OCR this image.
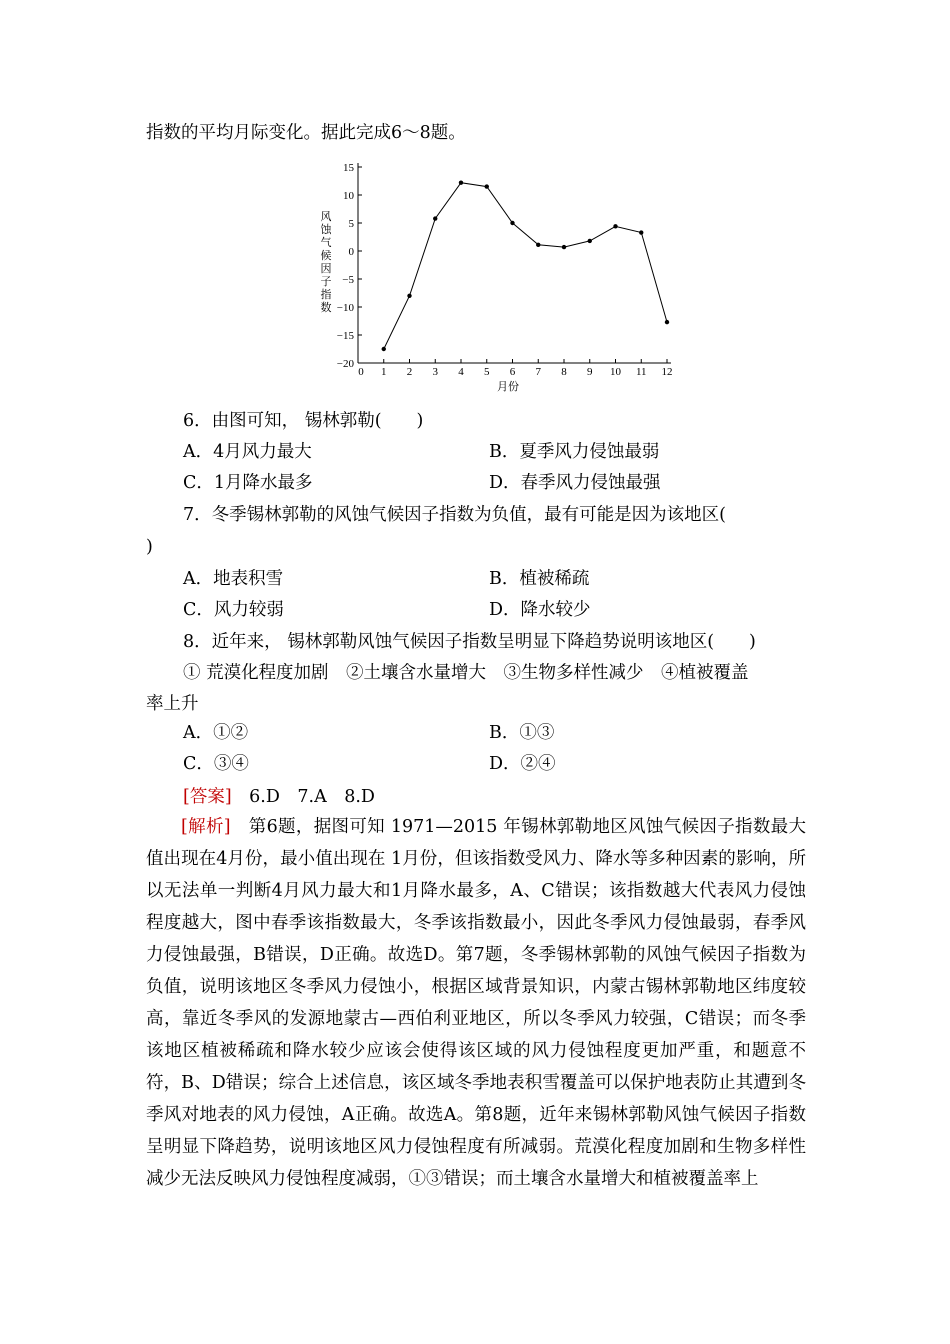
指数的平均月际变化。据此完成6～8题。
风
蚀
气
候
因
子
指
数
15
10
5
0
−5
−10
−15
−20
0 1 2 3 4 5 6 7 8 9 10 11 12
月份
6．由图可知， 锡林郭勒(　　)
A．4月风力最大	B．夏季风力侵蚀最弱
C．1月降水最多	D．春季风力侵蚀最强
7．冬季锡林郭勒的风蚀气候因子指数为负值，最有可能是因为该地区(
)
A．地表积雪	B．植被稀疏
C．风力较弱	D．降水较少
8．近年来， 锡林郭勒风蚀气候因子指数呈明显下降趋势说明该地区(　　)
① 荒漠化程度加剧　②土壤含水量增大　③生物多样性减少　④植被覆盖
率上升
A．①②	B．①③
C．③④	D．②④
[答案]　6.D　7.A　8.D
[解析]　第6题，据图可知 1971—2015 年锡林郭勒地区风蚀气候因子指数最大值出现在4月份，最小值出现在 1月份，但该指数受风力、降水等多种因素的影响，所以无法单一判断4月风力最大和1月降水最多，A、C错误；该指数越大代表风力侵蚀程度越大，图中春季该指数最大，冬季该指数最小，因此冬季风力侵蚀最弱，春季风力侵蚀最强，B错误，D正确。故选D。第7题，冬季锡林郭勒的风蚀气候因子指数为负值，说明该地区冬季风力侵蚀小，根据区域背景知识，内蒙古锡林郭勒地区纬度较高，靠近冬季风的发源地蒙古—西伯利亚地区，所以冬季风力较强，C错误；而冬季该地区植被稀疏和降水较少应该会使得该区域的风力侵蚀程度更加严重，和题意不符，B、D错误；综合上述信息，该区域冬季地表积雪覆盖可以保护地表防止其遭到冬季风对地表的风力侵蚀，A正确。故选A。第8题，近年来锡林郭勒风蚀气候因子指数呈明显下降趋势，说明该地区风力侵蚀程度有所减弱。荒漠化程度加剧和生物多样性减少无法反映风力侵蚀程度减弱，①③错误；而土壤含水量增大和植被覆盖率上
